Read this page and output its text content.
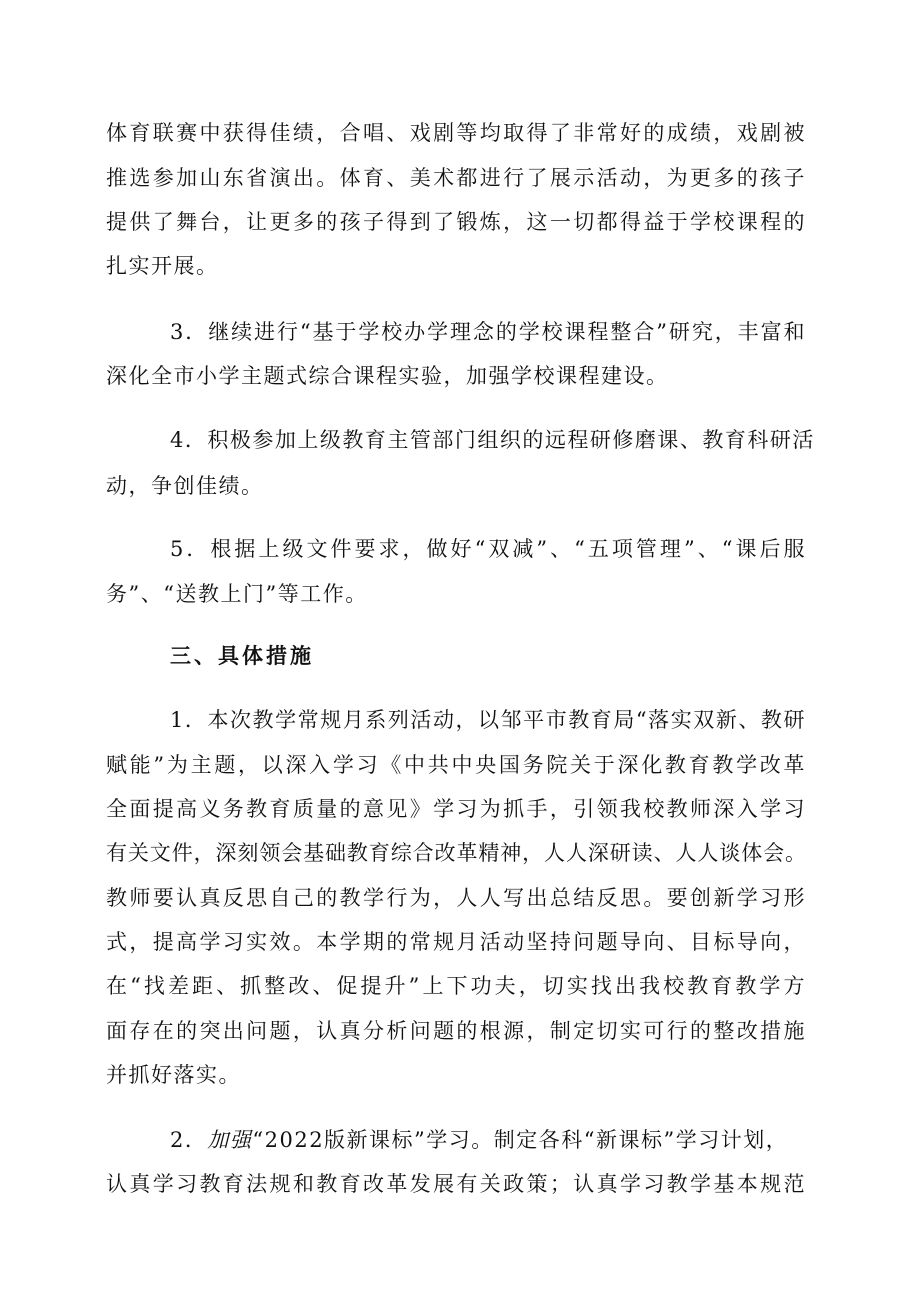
体育联赛中获得佳绩，合唱、戏剧等均取得了非常好的成绩，戏剧被
推选参加山东省演出。体育、美术都进行了展示活动，为更多的孩子
提供了舞台，让更多的孩子得到了锻炼，这一切都得益于学校课程的
扎实开展。
3．继续进行“基于学校办学理念的学校课程整合”研究，丰富和
深化全市小学主题式综合课程实验，加强学校课程建设。
4．积极参加上级教育主管部门组织的远程研修磨课、教育科研活
动，争创佳绩。
5．根据上级文件要求，做好“双减”、“五项管理”、“课后服
务”、“送教上门”等工作。
三、具体措施
1．本次教学常规月系列活动，以邹平市教育局“落实双新、教研
赋能”为主题，以深入学习《中共中央国务院关于深化教育教学改革
全面提高义务教育质量的意见》学习为抓手，引领我校教师深入学习
有关文件，深刻领会基础教育综合改革精神，人人深研读、人人谈体会。
教师要认真反思自己的教学行为，人人写出总结反思。要创新学习形
式，提高学习实效。本学期的常规月活动坚持问题导向、目标导向，
在“找差距、抓整改、促提升”上下功夫，切实找出我校教育教学方
面存在的突出问题，认真分析问题的根源，制定切实可行的整改措施
并抓好落实。
2． 加强 “2022版新课标”学习。制定各科“新课标”学习计划，
认真学习教育法规和教育改革发展有关政策；认真学习教学基本规范
